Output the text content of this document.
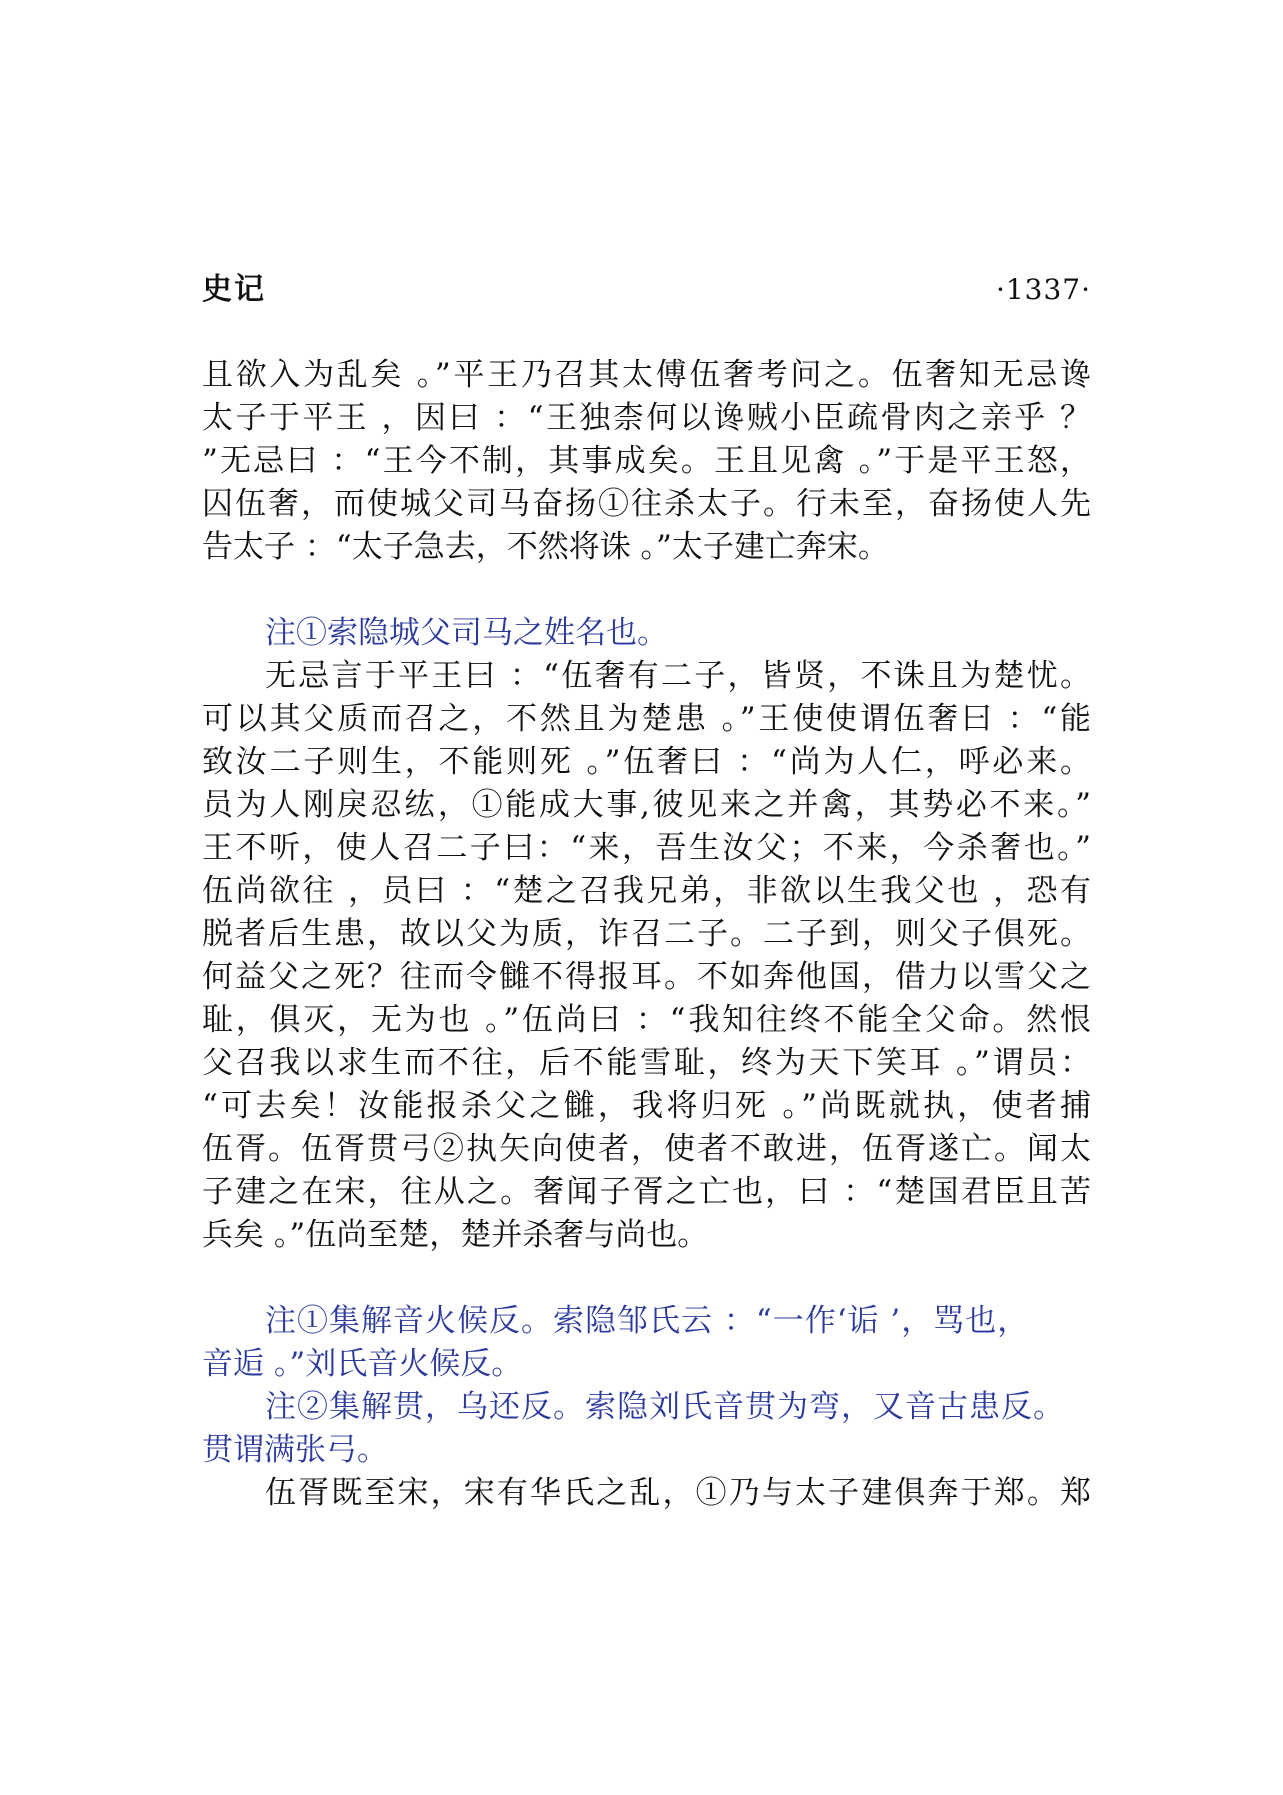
史记	·1337·
且欲入为乱矣 。”平王乃召其太傅伍奢考问之。伍奢知无忌谗
太子于平王 ，因曰 ：“王独柰何以谗贼小臣疏骨肉之亲乎 ？
”无忌曰 ：“王今不制，其事成矣。王且见禽 。”于是平王怒，
囚伍奢，而使城父司马奋扬①往杀太子。行未至，奋扬使人先
告太子 ：“太子急去，不然将诛 。”太子建亡奔宋。
注①索隐城父司马之姓名也。
无忌言于平王曰 ：“伍奢有二子，皆贤，不诛且为楚忧。
可以其父质而召之，不然且为楚患 。”王使使谓伍奢曰 ：“能
致汝二子则生，不能则死 。”伍奢曰 ：“尚为人仁，呼必来。
员为人刚戾忍纮，①能成大事,彼见来之并禽，其势必不来。”
王不听，使人召二子曰：“来，吾生汝父；不来，今杀奢也。”
伍尚欲往 ，员曰 ：“楚之召我兄弟，非欲以生我父也 ，恐有
脱者后生患，故以父为质，诈召二子。二子到，则父子俱死。
何益父之死？往而令雠不得报耳。不如奔他国，借力以雪父之
耻，俱灭，无为也 。”伍尚曰 ：“我知往终不能全父命。然恨
父召我以求生而不往，后不能雪耻，终为天下笑耳 。”谓员：
“可去矣！汝能报杀父之雠，我将归死 。”尚既就执，使者捕
伍胥。伍胥贯弓②执矢向使者，使者不敢进，伍胥遂亡。闻太
子建之在宋，往从之。奢闻子胥之亡也，曰 ：“楚国君臣且苦
兵矣 。”伍尚至楚，楚并杀奢与尚也。
注①集解音火候反。索隐邹氏云 ：“一作‘诟 ’，骂也，
音逅 。”刘氏音火候反。
注②集解贯，乌还反。索隐刘氏音贯为弯，又音古患反。
贯谓满张弓。
伍胥既至宋，宋有华氏之乱，①乃与太子建俱奔于郑。郑
